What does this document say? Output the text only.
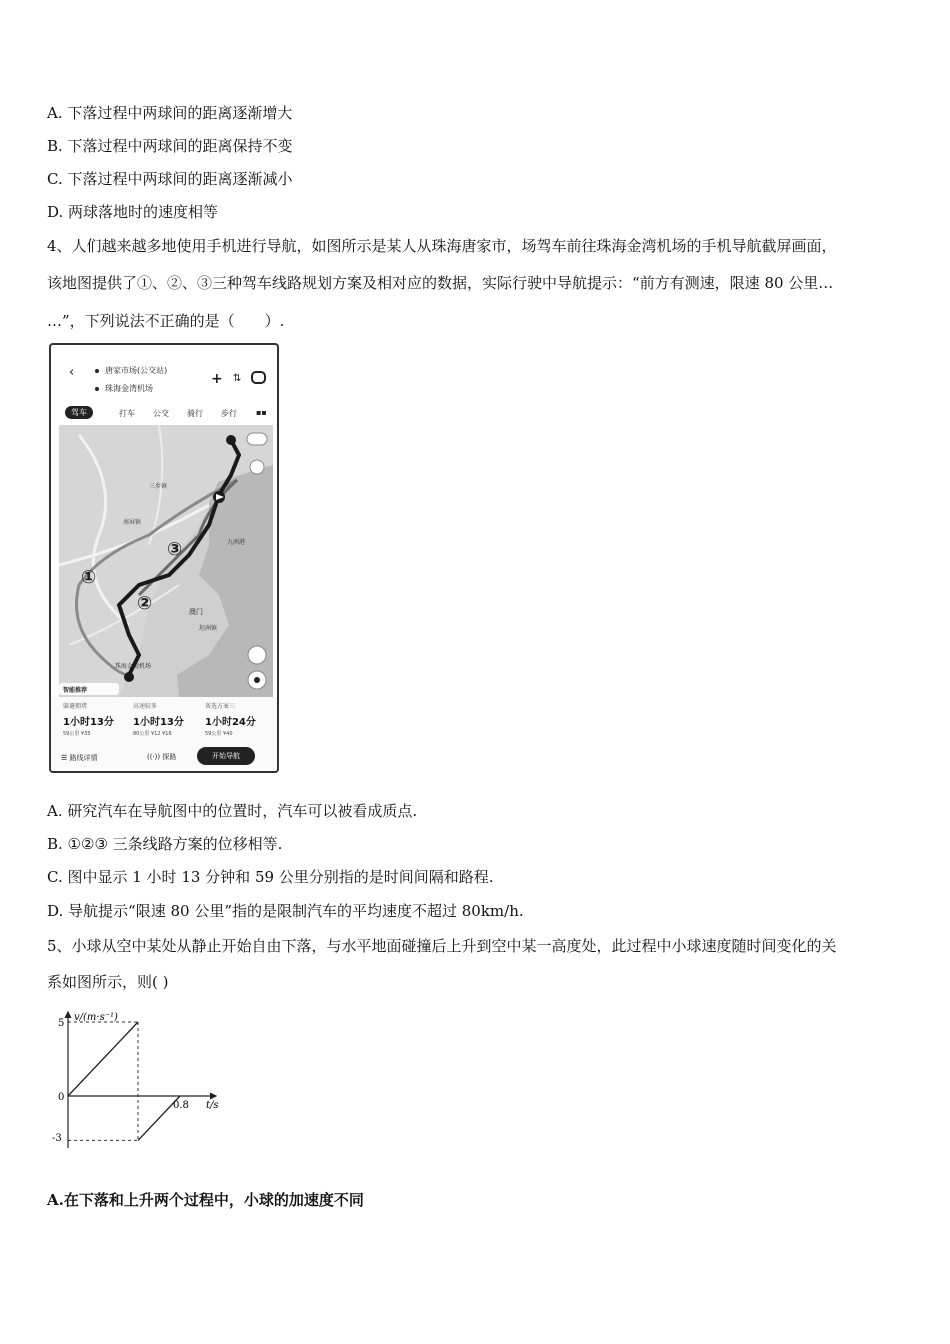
A. 下落过程中两球间的距离逐渐增大
B. 下落过程中两球间的距离保持不变
C. 下落过程中两球间的距离逐渐减小
D. 两球落地时的速度相等
4、人们越来越多地使用手机进行导航，如图所示是某人从珠海唐家市，场驾车前往珠海金湾机场的手机导航截屏画面，
该地图提供了①、②、③三种驾车线路规划方案及相对应的数据，实际行驶中导航提示：“前方有测速，限速 80 公里…
…”，下列说法不正确的是（　　）.
‹	唐家市场(公交站)
珠海金湾机场
+ ⇅
驾车	打车 公交 骑行 步行 ▪▪
①
②
③
三乡镇
九洲港
澳门
坦洲镇
南屏镇
珠海金湾机场
智能推荐
躲避拥堵
1小时13分
59公里 ¥35
高速较多
1小时13分
80公里 ¥12 ¥16
备选方案三
1小时24分
59公里 ¥40
☰ 路线详情	((·)) 探路	开始导航
A. 研究汽车在导航图中的位置时，汽车可以被看成质点.
B. ①②③ 三条线路方案的位移相等.
C. 图中显示 1 小时 13 分钟和 59 公里分别指的是时间间隔和路程.
D. 导航提示“限速 80 公里”指的是限制汽车的平均速度不超过 80km/h.
5、小球从空中某处从静止开始自由下落，与水平地面碰撞后上升到空中某一高度处，此过程中小球速度随时间变化的关
系如图所示，则( )
v/(m·s⁻¹)
t/s
5
0
-3
0.8
A.在下落和上升两个过程中，小球的加速度不同
